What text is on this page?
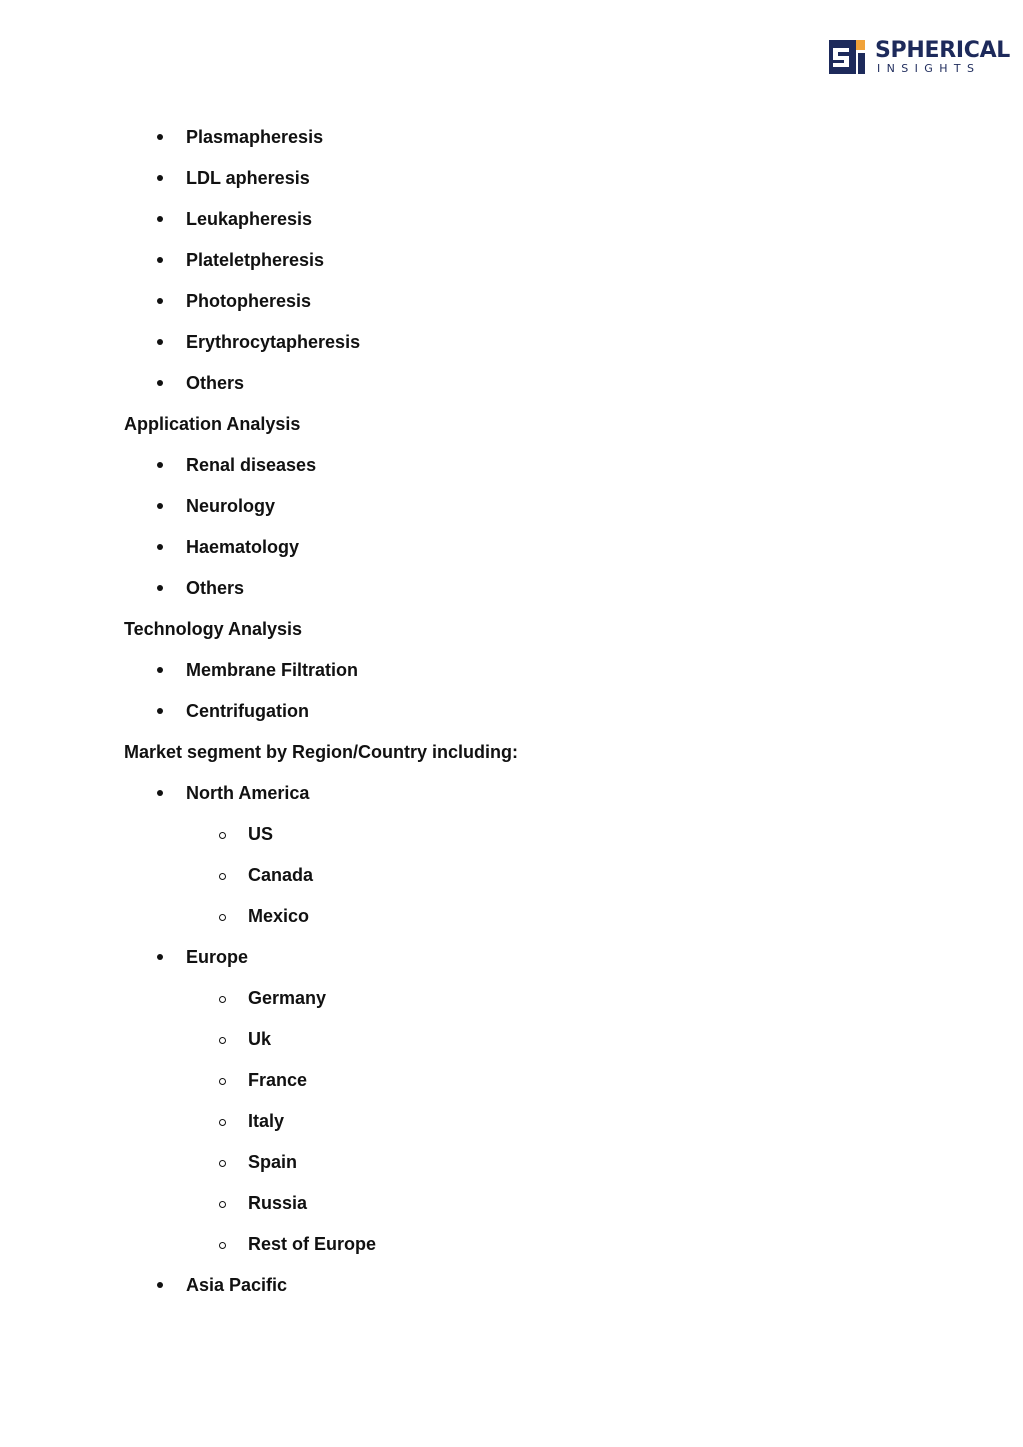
SPHERICAL
INSIGHTS
Plasmapheresis
LDL apheresis
Leukapheresis
Plateletpheresis
Photopheresis
Erythrocytapheresis
Others
Application Analysis
Renal diseases
Neurology
Haematology
Others
Technology Analysis
Membrane Filtration
Centrifugation
Market segment by Region/Country including:
North America
US
Canada
Mexico
Europe
Germany
Uk
France
Italy
Spain
Russia
Rest of Europe
Asia Pacific
